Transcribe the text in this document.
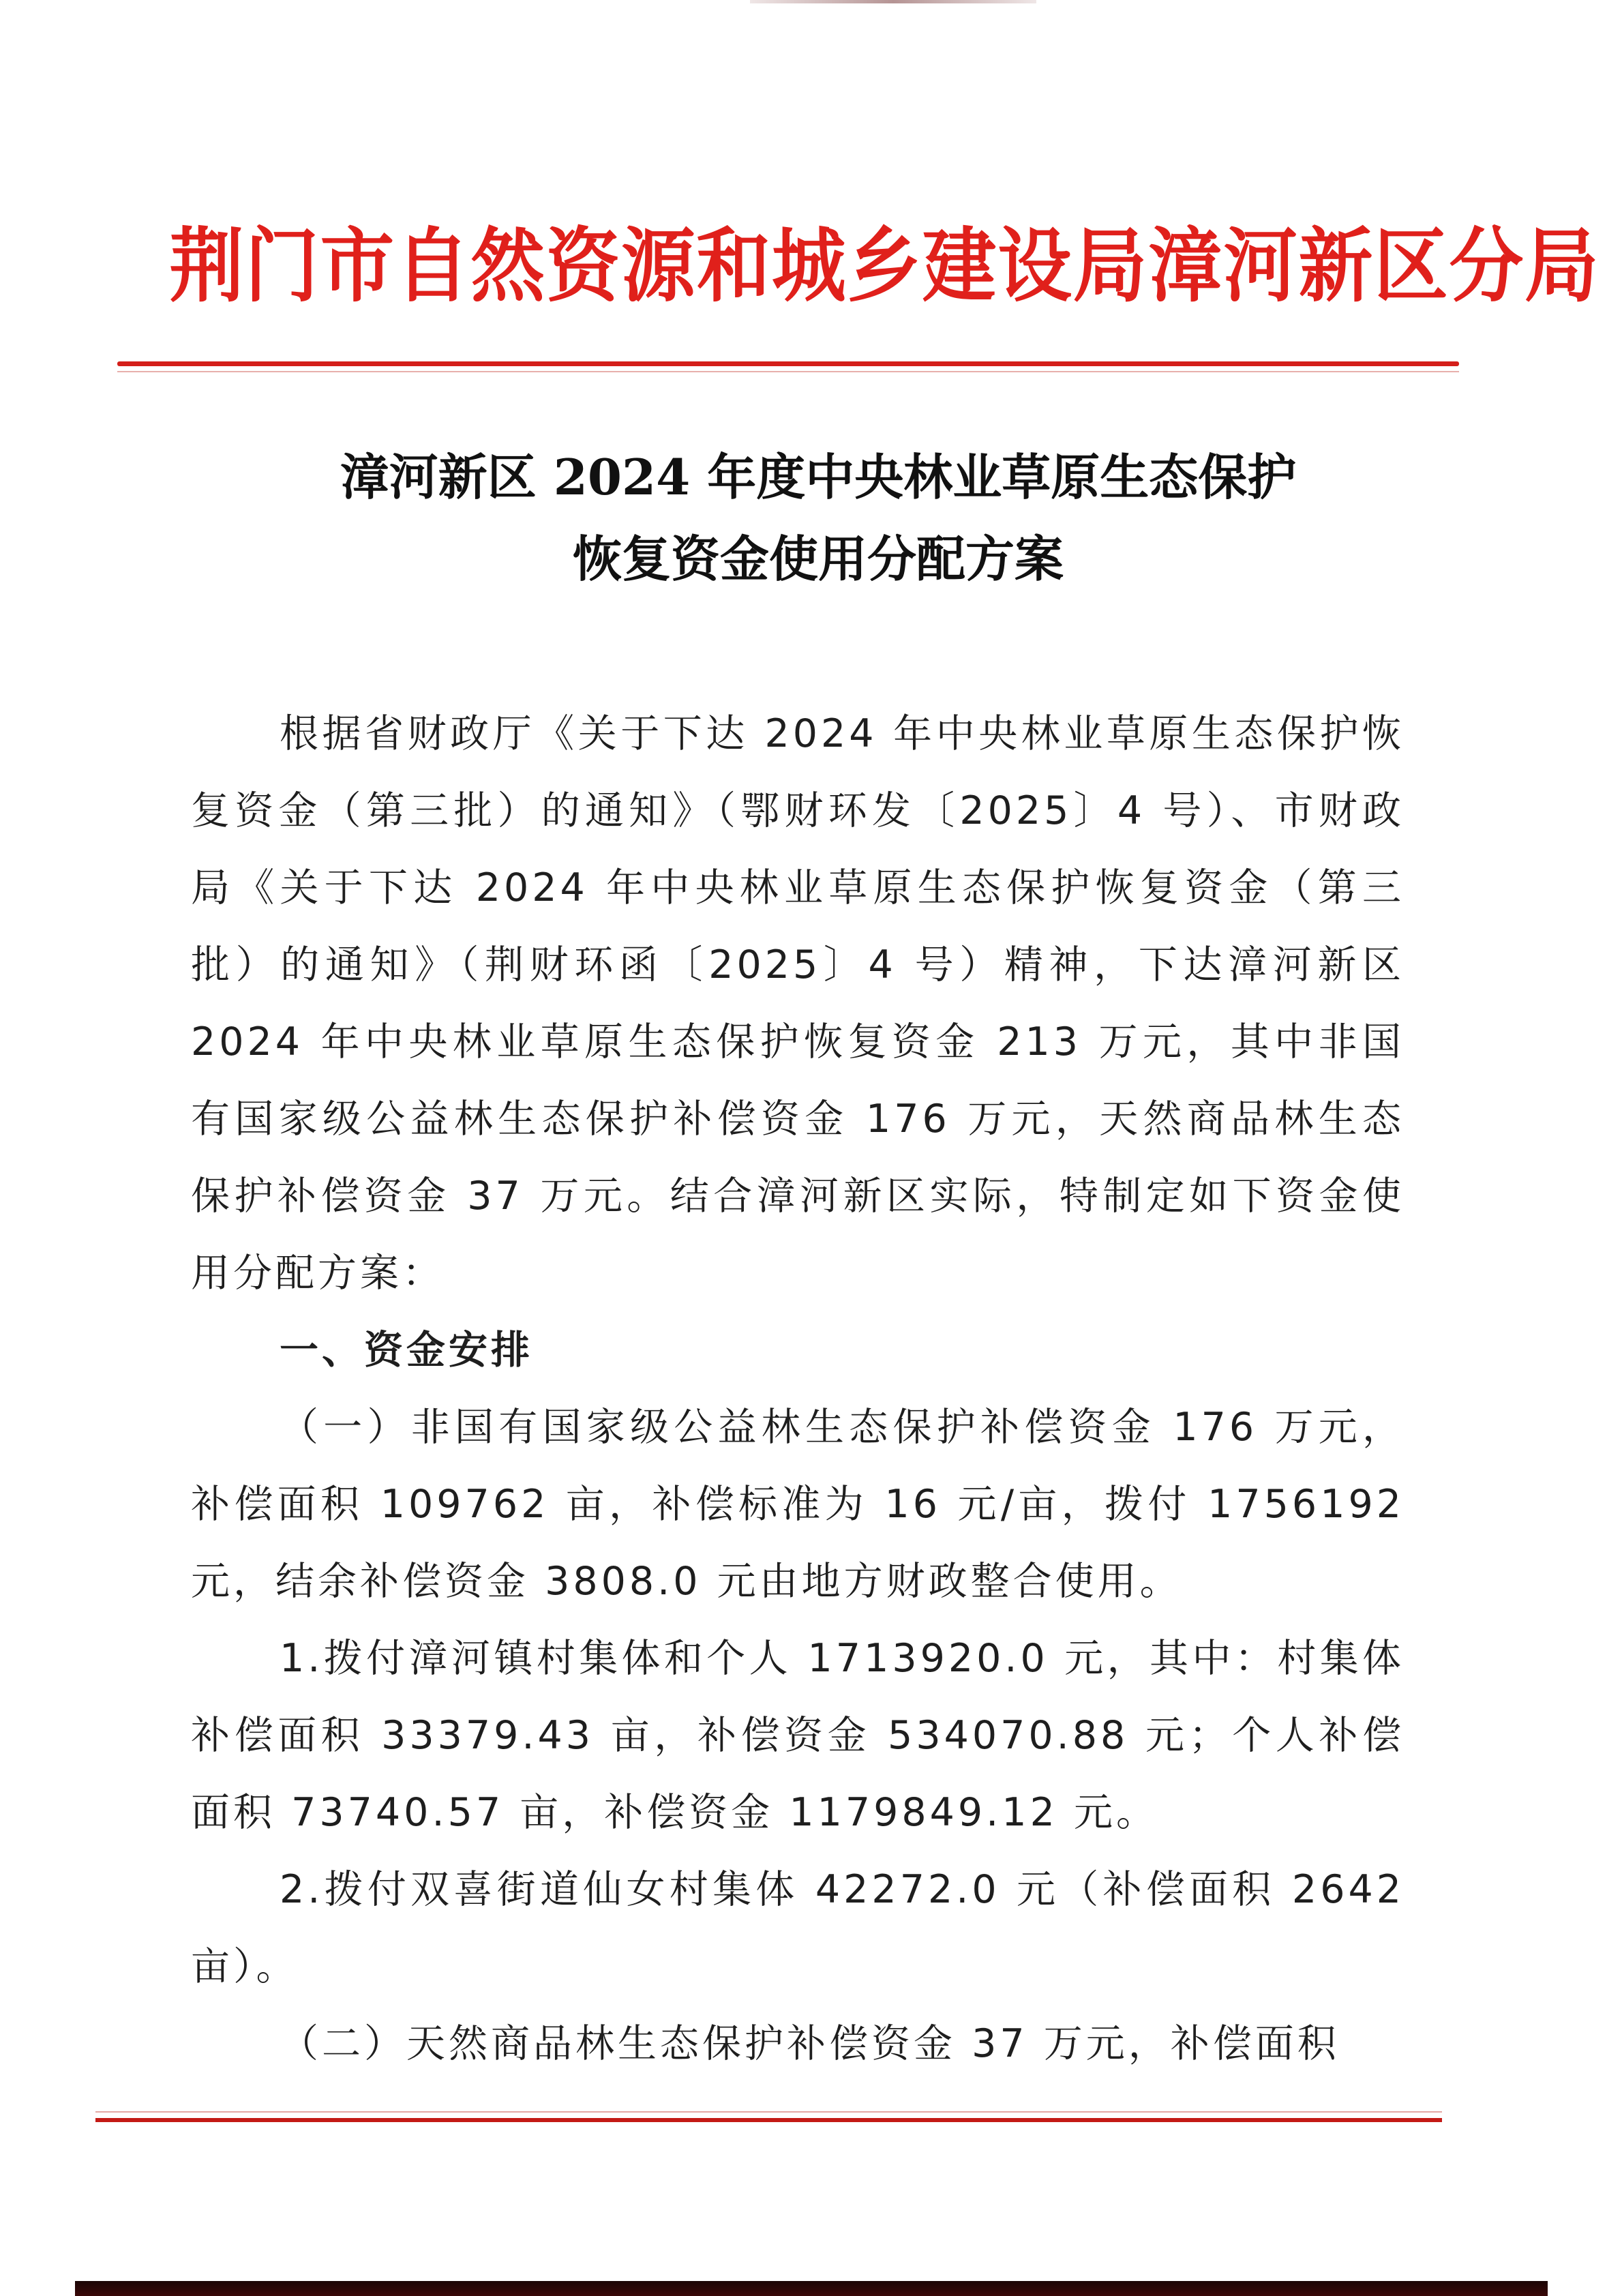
荆门市自然资源和城乡建设局漳河新区分局
漳河新区 2024 年度中央林业草原生态保护
恢复资金使用分配方案

根据省财政厅《关于下达 2024 年中央林业草原生态保护恢复资金（第三批）的通知》（鄂财环发〔2025〕4 号）、市财政局《关于下达 2024 年中央林业草原生态保护恢复资金（第三批）的通知》（荆财环函〔2025〕4 号）精神，下达漳河新区 2024 年中央林业草原生态保护恢复资金 213 万元，其中非国有国家级公益林生态保护补偿资金 176 万元，天然商品林生态保护补偿资金 37 万元。结合漳河新区实际，特制定如下资金使用分配方案：

一、资金安排

（一）非国有国家级公益林生态保护补偿资金 176 万元，补偿面积 109762 亩，补偿标准为 16 元/亩，拨付 1756192 元，结余补偿资金 3808.0 元由地方财政整合使用。

1.拨付漳河镇村集体和个人 1713920.0 元，其中：村集体补偿面积 33379.43 亩，补偿资金 534070.88 元；个人补偿面积 73740.57 亩，补偿资金 1179849.12 元。

2.拨付双喜街道仙女村集体 42272.0 元（补偿面积 2642 亩）。

（二）天然商品林生态保护补偿资金 37 万元，补偿面积
